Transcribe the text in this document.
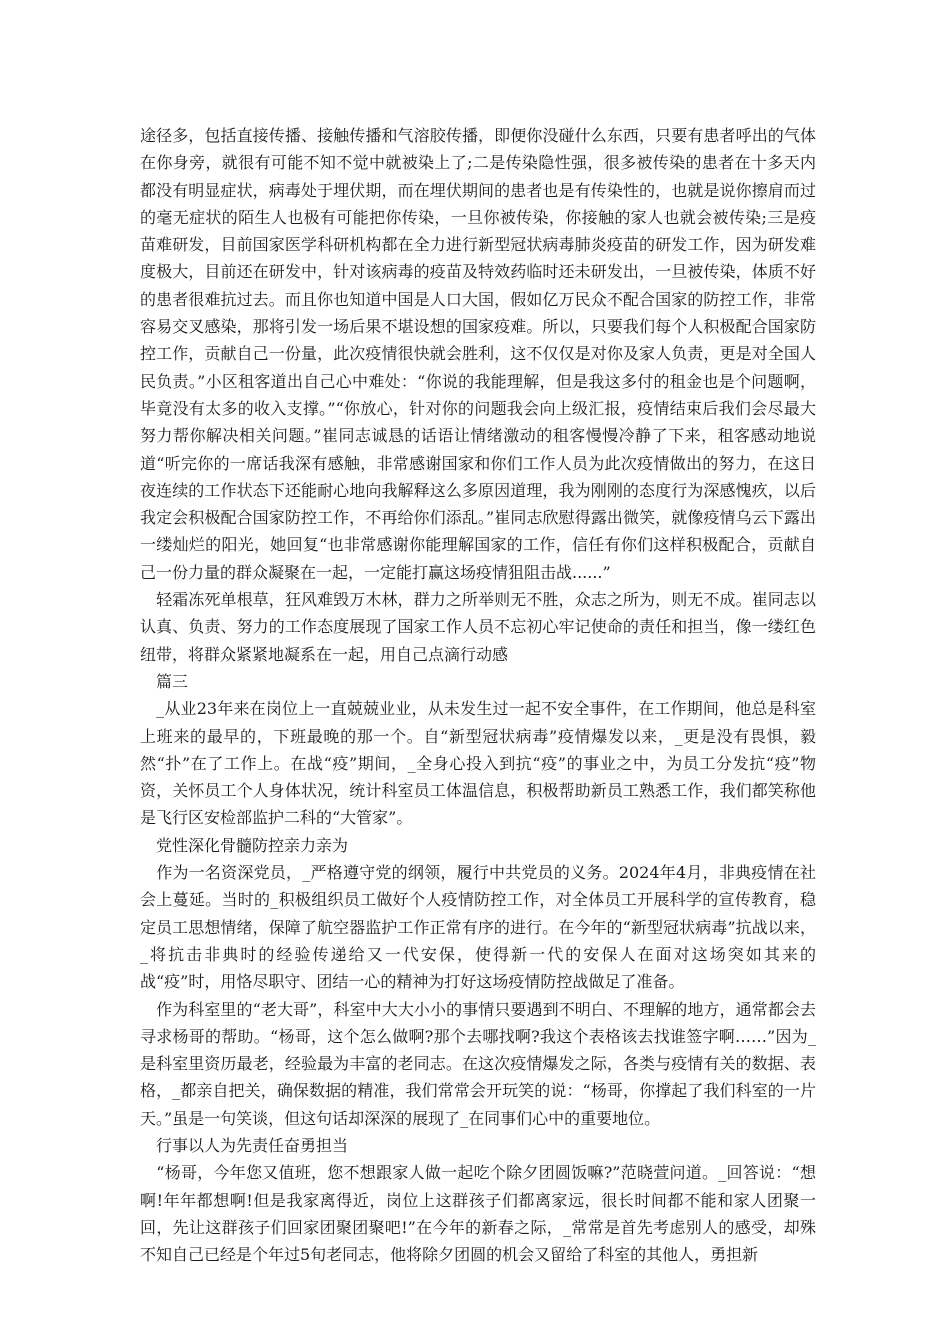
途径多，包括直接传播、接触传播和气溶胶传播，即便你没碰什么东西，只要有患者呼出的气体在你身旁，就很有可能不知不觉中就被染上了;二是传染隐性强，很多被传染的患者在十多天内都没有明显症状，病毒处于埋伏期，而在埋伏期间的患者也是有传染性的，也就是说你擦肩而过的毫无症状的陌生人也极有可能把你传染，一旦你被传染，你接触的家人也就会被传染;三是疫苗难研发，目前国家医学科研机构都在全力进行新型冠状病毒肺炎疫苗的研发工作，因为研发难度极大，目前还在研发中，针对该病毒的疫苗及特效药临时还未研发出，一旦被传染，体质不好的患者很难抗过去。而且你也知道中国是人口大国，假如亿万民众不配合国家的防控工作，非常容易交叉感染，那将引发一场后果不堪设想的国家疫难。所以，只要我们每个人积极配合国家防控工作，贡献自己一份量，此次疫情很快就会胜利，这不仅仅是对你及家人负责，更是对全国人民负责。”小区租客道出自己心中难处：“你说的我能理解，但是我这多付的租金也是个问题啊，毕竟没有太多的收入支撑。”“你放心，针对你的问题我会向上级汇报，疫情结束后我们会尽最大努力帮你解决相关问题。”崔同志诚恳的话语让情绪激动的租客慢慢冷静了下来，租客感动地说道“听完你的一席话我深有感触，非常感谢国家和你们工作人员为此次疫情做出的努力，在这日夜连续的工作状态下还能耐心地向我解释这么多原因道理，我为刚刚的态度行为深感愧疚，以后我定会积极配合国家防控工作，不再给你们添乱。”崔同志欣慰得露出微笑，就像疫情乌云下露出一缕灿烂的阳光，她回复“也非常感谢你能理解国家的工作，信任有你们这样积极配合，贡献自己一份力量的群众凝聚在一起，一定能打赢这场疫情狙阻击战......”

　轻霜冻死单根草，狂风难毁万木林，群力之所举则无不胜，众志之所为，则无不成。崔同志以认真、负责、努力的工作态度展现了国家工作人员不忘初心牢记使命的责任和担当，像一缕红色纽带，将群众紧紧地凝系在一起，用自己点滴行动感

　篇三

　_从业23年来在岗位上一直兢兢业业，从未发生过一起不安全事件，在工作期间，他总是科室上班来的最早的，下班最晚的那一个。自“新型冠状病毒”疫情爆发以来，_更是没有畏惧，毅然“扑”在了工作上。在战“疫”期间，_全身心投入到抗“疫”的事业之中，为员工分发抗“疫”物资，关怀员工个人身体状况，统计科室员工体温信息，积极帮助新员工熟悉工作，我们都笑称他是飞行区安检部监护二科的“大管家”。

　党性深化骨髓防控亲力亲为

　作为一名资深党员，_严格遵守党的纲领，履行中共党员的义务。2024年4月，非典疫情在社会上蔓延。当时的_积极组织员工做好个人疫情防控工作，对全体员工开展科学的宣传教育，稳定员工思想情绪，保障了航空器监护工作正常有序的进行。在今年的“新型冠状病毒”抗战以来，_将抗击非典时的经验传递给又一代安保，使得新一代的安保人在面对这场突如其来的战“疫”时，用恪尽职守、团结一心的精神为打好这场疫情防控战做足了准备。

　作为科室里的“老大哥”，科室中大大小小的事情只要遇到不明白、不理解的地方，通常都会去寻求杨哥的帮助。“杨哥，这个怎么做啊?那个去哪找啊?我这个表格该去找谁签字啊……”因为_是科室里资历最老，经验最为丰富的老同志。在这次疫情爆发之际，各类与疫情有关的数据、表格，_都亲自把关，确保数据的精准，我们常常会开玩笑的说：“杨哥，你撑起了我们科室的一片天。”虽是一句笑谈，但这句话却深深的展现了_在同事们心中的重要地位。

　行事以人为先责任奋勇担当

　“杨哥，今年您又值班，您不想跟家人做一起吃个除夕团圆饭嘛?”范晓萱问道。_回答说：“想啊!年年都想啊!但是我家离得近，岗位上这群孩子们都离家远，很长时间都不能和家人团聚一回，先让这群孩子们回家团聚团聚吧!”在今年的新春之际，_常常是首先考虑别人的感受，却殊不知自己已经是个年过5旬老同志，他将除夕团圆的机会又留给了科室的其他人，勇担新
